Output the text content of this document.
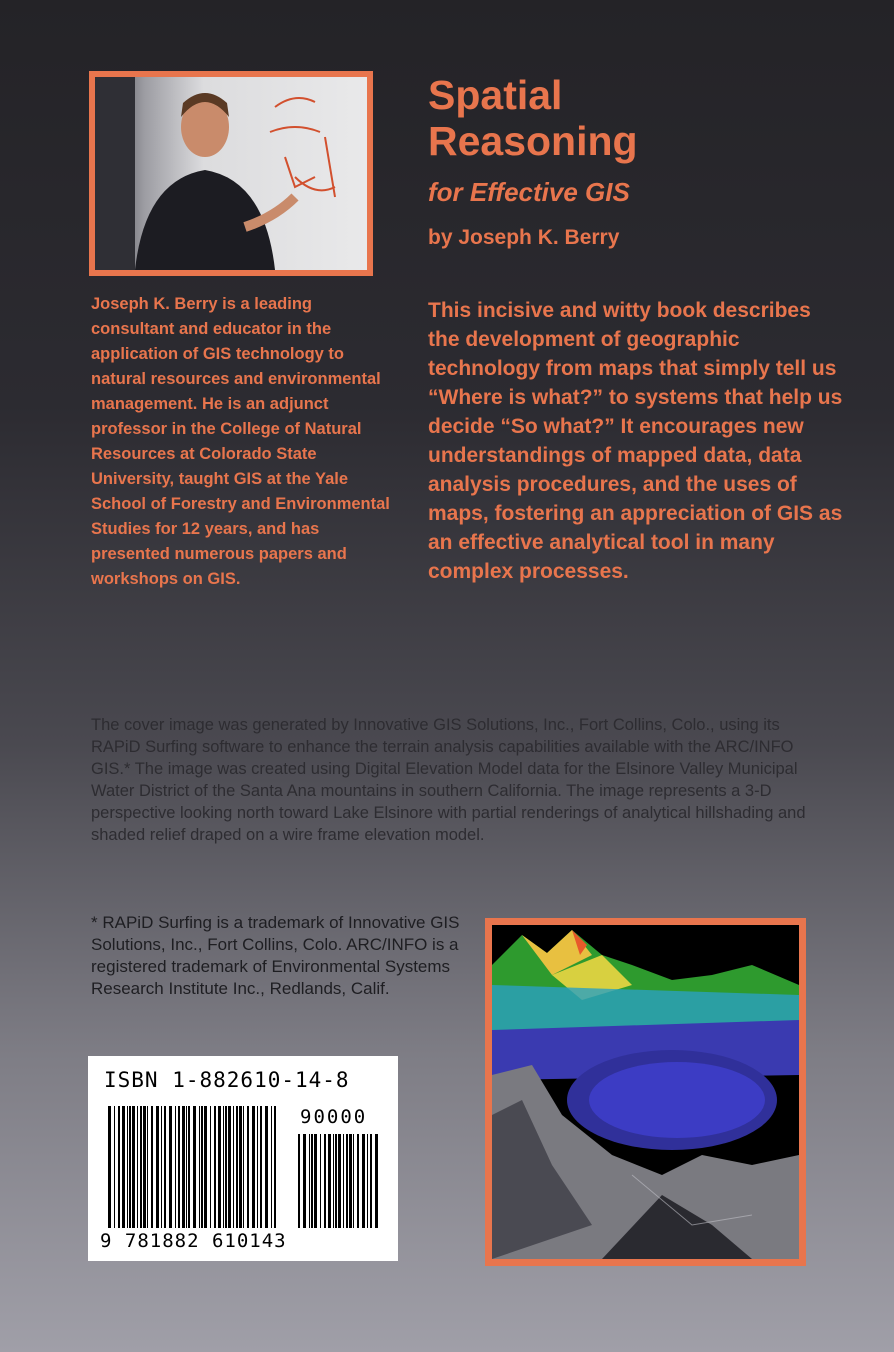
Spatial
Reasoning

for Effective GIS

by Joseph K. Berry

Joseph K. Berry is a leading consultant and educator in the application of GIS technology to natural resources and environmental management. He is an adjunct professor in the College of Natural Resources at Colorado State University, taught GIS at the Yale School of Forestry and Environmental Studies for 12 years, and has presented numerous papers and workshops on GIS.

This incisive and witty book describes the development of geographic technology from maps that simply tell us “Where is what?” to systems that help us decide “So what?” It encourages new understandings of mapped data, data analysis procedures, and the uses of maps, fostering an appreciation of GIS as an effective analytical tool in many complex processes.

The cover image was generated by Innovative GIS Solutions, Inc., Fort Collins, Colo., using its RAPiD Surfing software to enhance the terrain analysis capabilities available with the ARC/INFO GIS.* The image was created using Digital Elevation Model data for the Elsinore Valley Municipal Water District of the Santa Ana mountains in southern California. The image represents a 3-D perspective looking north toward Lake Elsinore with partial renderings of analytical hillshading and shaded relief draped on a wire frame elevation model.

* RAPiD Surfing is a trademark of Innovative GIS Solutions, Inc., Fort Collins, Colo. ARC/INFO is a registered trademark of Environmental Systems Research Institute Inc., Redlands, Calif.

ISBN 1-882610-14-8

90000

9 781882 610143
